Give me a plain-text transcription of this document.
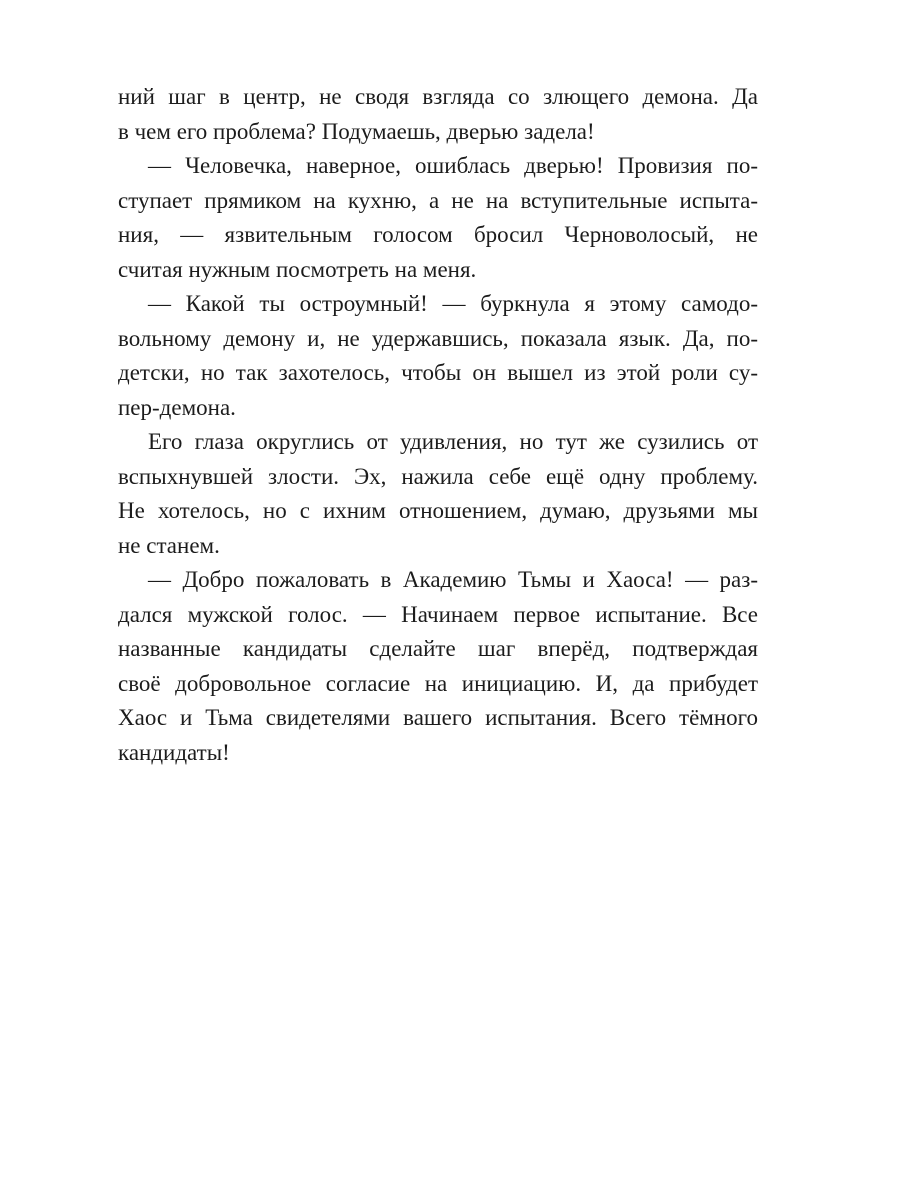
ний шаг в центр, не сводя взгляда со злющего демона. Да
в чем его проблема? Подумаешь, дверью задела!
— Человечка, наверное, ошиблась дверью! Провизия по-
ступает прямиком на кухню, а не на вступительные испыта-
ния, — язвительным голосом бросил Черноволосый, не
считая нужным посмотреть на меня.
— Какой ты остроумный! — буркнула я этому самодо-
вольному демону и, не удержавшись, показала язык. Да, по-
детски, но так захотелось, чтобы он вышел из этой роли су-
пер-демона.
Его глаза округлись от удивления, но тут же сузились от
вспыхнувшей злости. Эх, нажила себе ещё одну проблему.
Не хотелось, но с ихним отношением, думаю, друзьями мы
не станем.
— Добро пожаловать в Академию Тьмы и Хаоса! — раз-
дался мужской голос. — Начинаем первое испытание. Все
названные кандидаты сделайте шаг вперёд, подтверждая
своё добровольное согласие на инициацию. И, да прибудет
Хаос и Тьма свидетелями вашего испытания. Всего тёмного
кандидаты!
